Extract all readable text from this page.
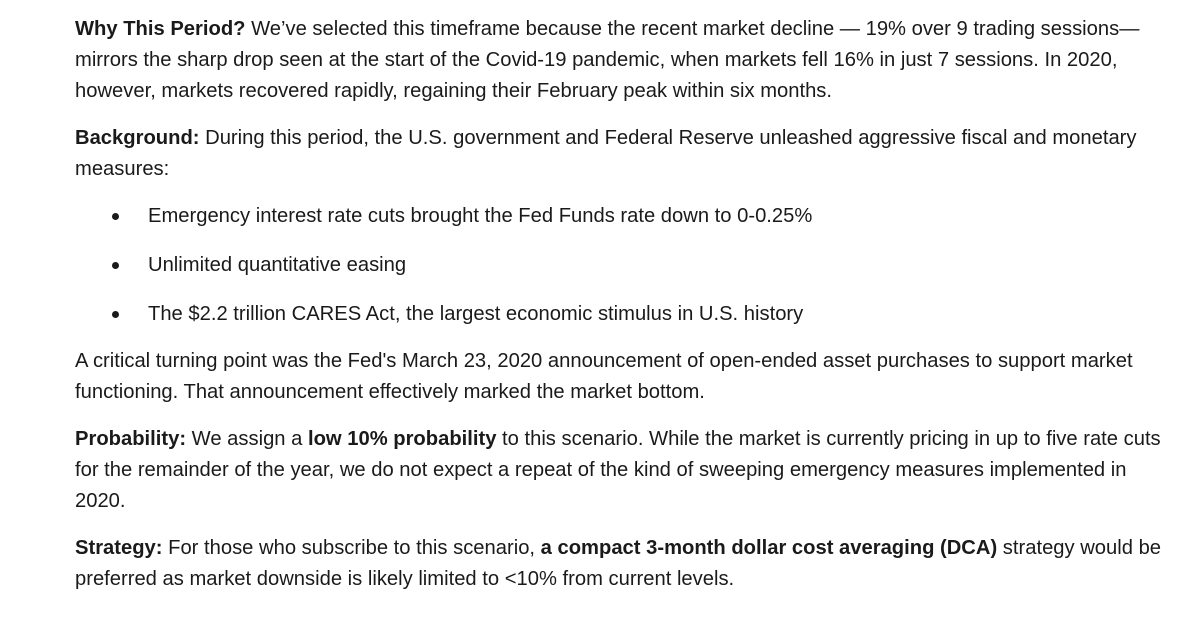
Why This Period? We’ve selected this timeframe because the recent market decline — 19% over 9 trading sessions—mirrors the sharp drop seen at the start of the Covid-19 pandemic, when markets fell 16% in just 7 sessions. In 2020, however, markets recovered rapidly, regaining their February peak within six months.

Background: During this period, the U.S. government and Federal Reserve unleashed aggressive fiscal and monetary measures:

Emergency interest rate cuts brought the Fed Funds rate down to 0-0.25%
Unlimited quantitative easing
The $2.2 trillion CARES Act, the largest economic stimulus in U.S. history

A critical turning point was the Fed's March 23, 2020 announcement of open-ended asset purchases to support market functioning. That announcement effectively marked the market bottom.

Probability: We assign a low 10% probability to this scenario. While the market is currently pricing in up to five rate cuts for the remainder of the year, we do not expect a repeat of the kind of sweeping emergency measures implemented in 2020.

Strategy: For those who subscribe to this scenario, a compact 3-month dollar cost averaging (DCA) strategy would be preferred as market downside is likely limited to <10% from current levels.
